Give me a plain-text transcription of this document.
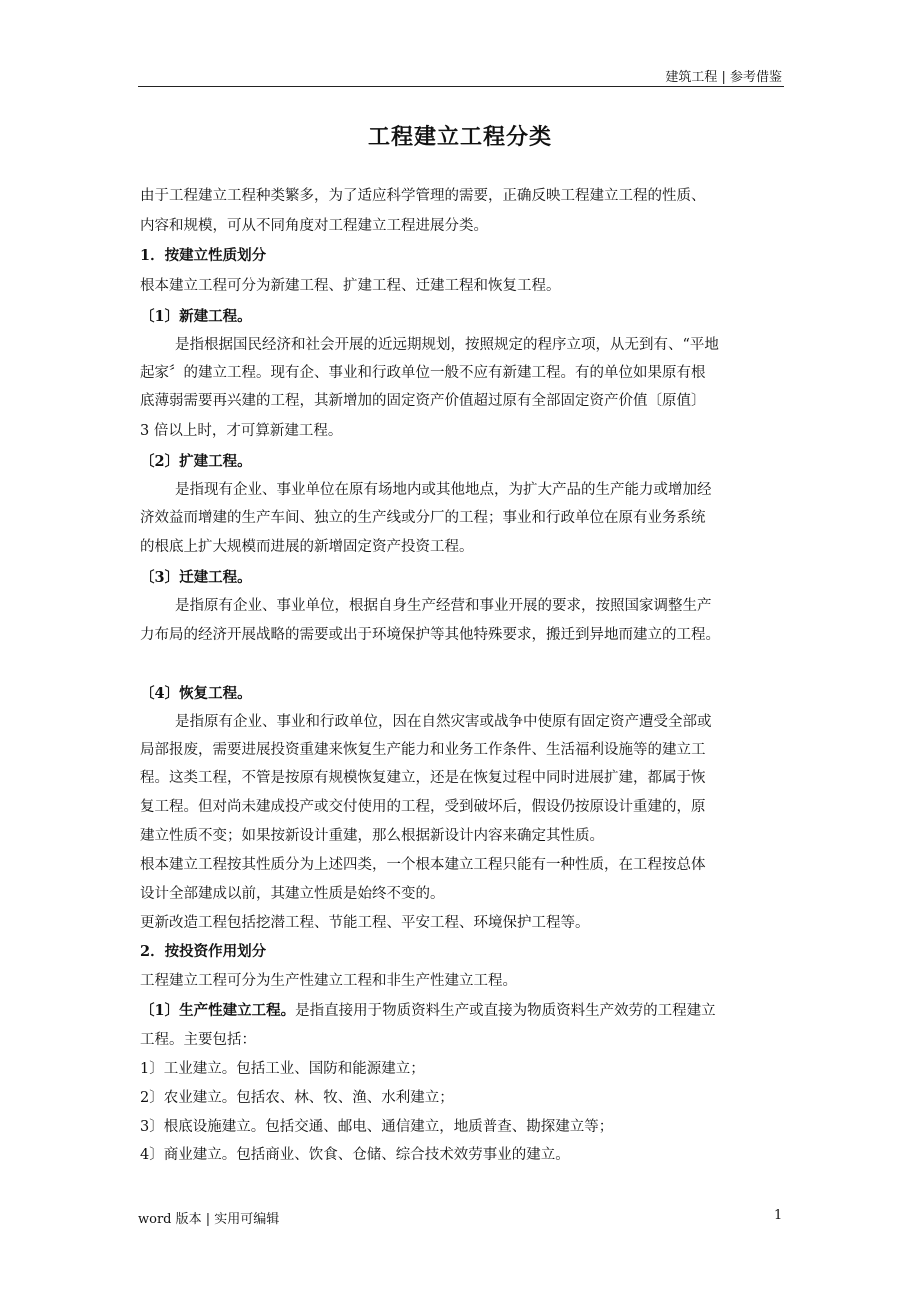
建筑工程 | 参考借鉴
工程建立工程分类
由于工程建立工程种类繁多，为了适应科学管理的需要，正确反映工程建立工程的性质、
内容和规模，可从不同角度对工程建立工程进展分类。
1．按建立性质划分
根本建立工程可分为新建工程、扩建工程、迁建工程和恢复工程。
〔1〕新建工程。
是指根据国民经济和社会开展的近远期规划，按照规定的程序立项，从无到有、“平地
起家〞的建立工程。现有企、事业和行政单位一般不应有新建工程。有的单位如果原有根
底薄弱需要再兴建的工程，其新增加的固定资产价值超过原有全部固定资产价值〔原值〕
3 倍以上时，才可算新建工程。
〔2〕扩建工程。
是指现有企业、事业单位在原有场地内或其他地点，为扩大产品的生产能力或增加经
济效益而增建的生产车间、独立的生产线或分厂的工程；事业和行政单位在原有业务系统
的根底上扩大规模而进展的新增固定资产投资工程。
〔3〕迁建工程。
是指原有企业、事业单位，根据自身生产经营和事业开展的要求，按照国家调整生产
力布局的经济开展战略的需要或出于环境保护等其他特殊要求，搬迁到异地而建立的工程。
〔4〕恢复工程。
是指原有企业、事业和行政单位，因在自然灾害或战争中使原有固定资产遭受全部或
局部报废，需要进展投资重建来恢复生产能力和业务工作条件、生活福利设施等的建立工
程。这类工程，不管是按原有规模恢复建立，还是在恢复过程中同时进展扩建，都属于恢
复工程。但对尚未建成投产或交付使用的工程，受到破坏后，假设仍按原设计重建的，原
建立性质不变；如果按新设计重建，那么根据新设计内容来确定其性质。
根本建立工程按其性质分为上述四类，一个根本建立工程只能有一种性质，在工程按总体
设计全部建成以前，其建立性质是始终不变的。
更新改造工程包括挖潜工程、节能工程、平安工程、环境保护工程等。
2．按投资作用划分
工程建立工程可分为生产性建立工程和非生产性建立工程。
〔1〕生产性建立工程。是指直接用于物质资料生产或直接为物质资料生产效劳的工程建立
工程。主要包括：
1〕工业建立。包括工业、国防和能源建立；
2〕农业建立。包括农、林、牧、渔、水利建立；
3〕根底设施建立。包括交通、邮电、通信建立，地质普查、勘探建立等；
4〕商业建立。包括商业、饮食、仓储、综合技术效劳事业的建立。
word 版本 | 实用可编辑	1
